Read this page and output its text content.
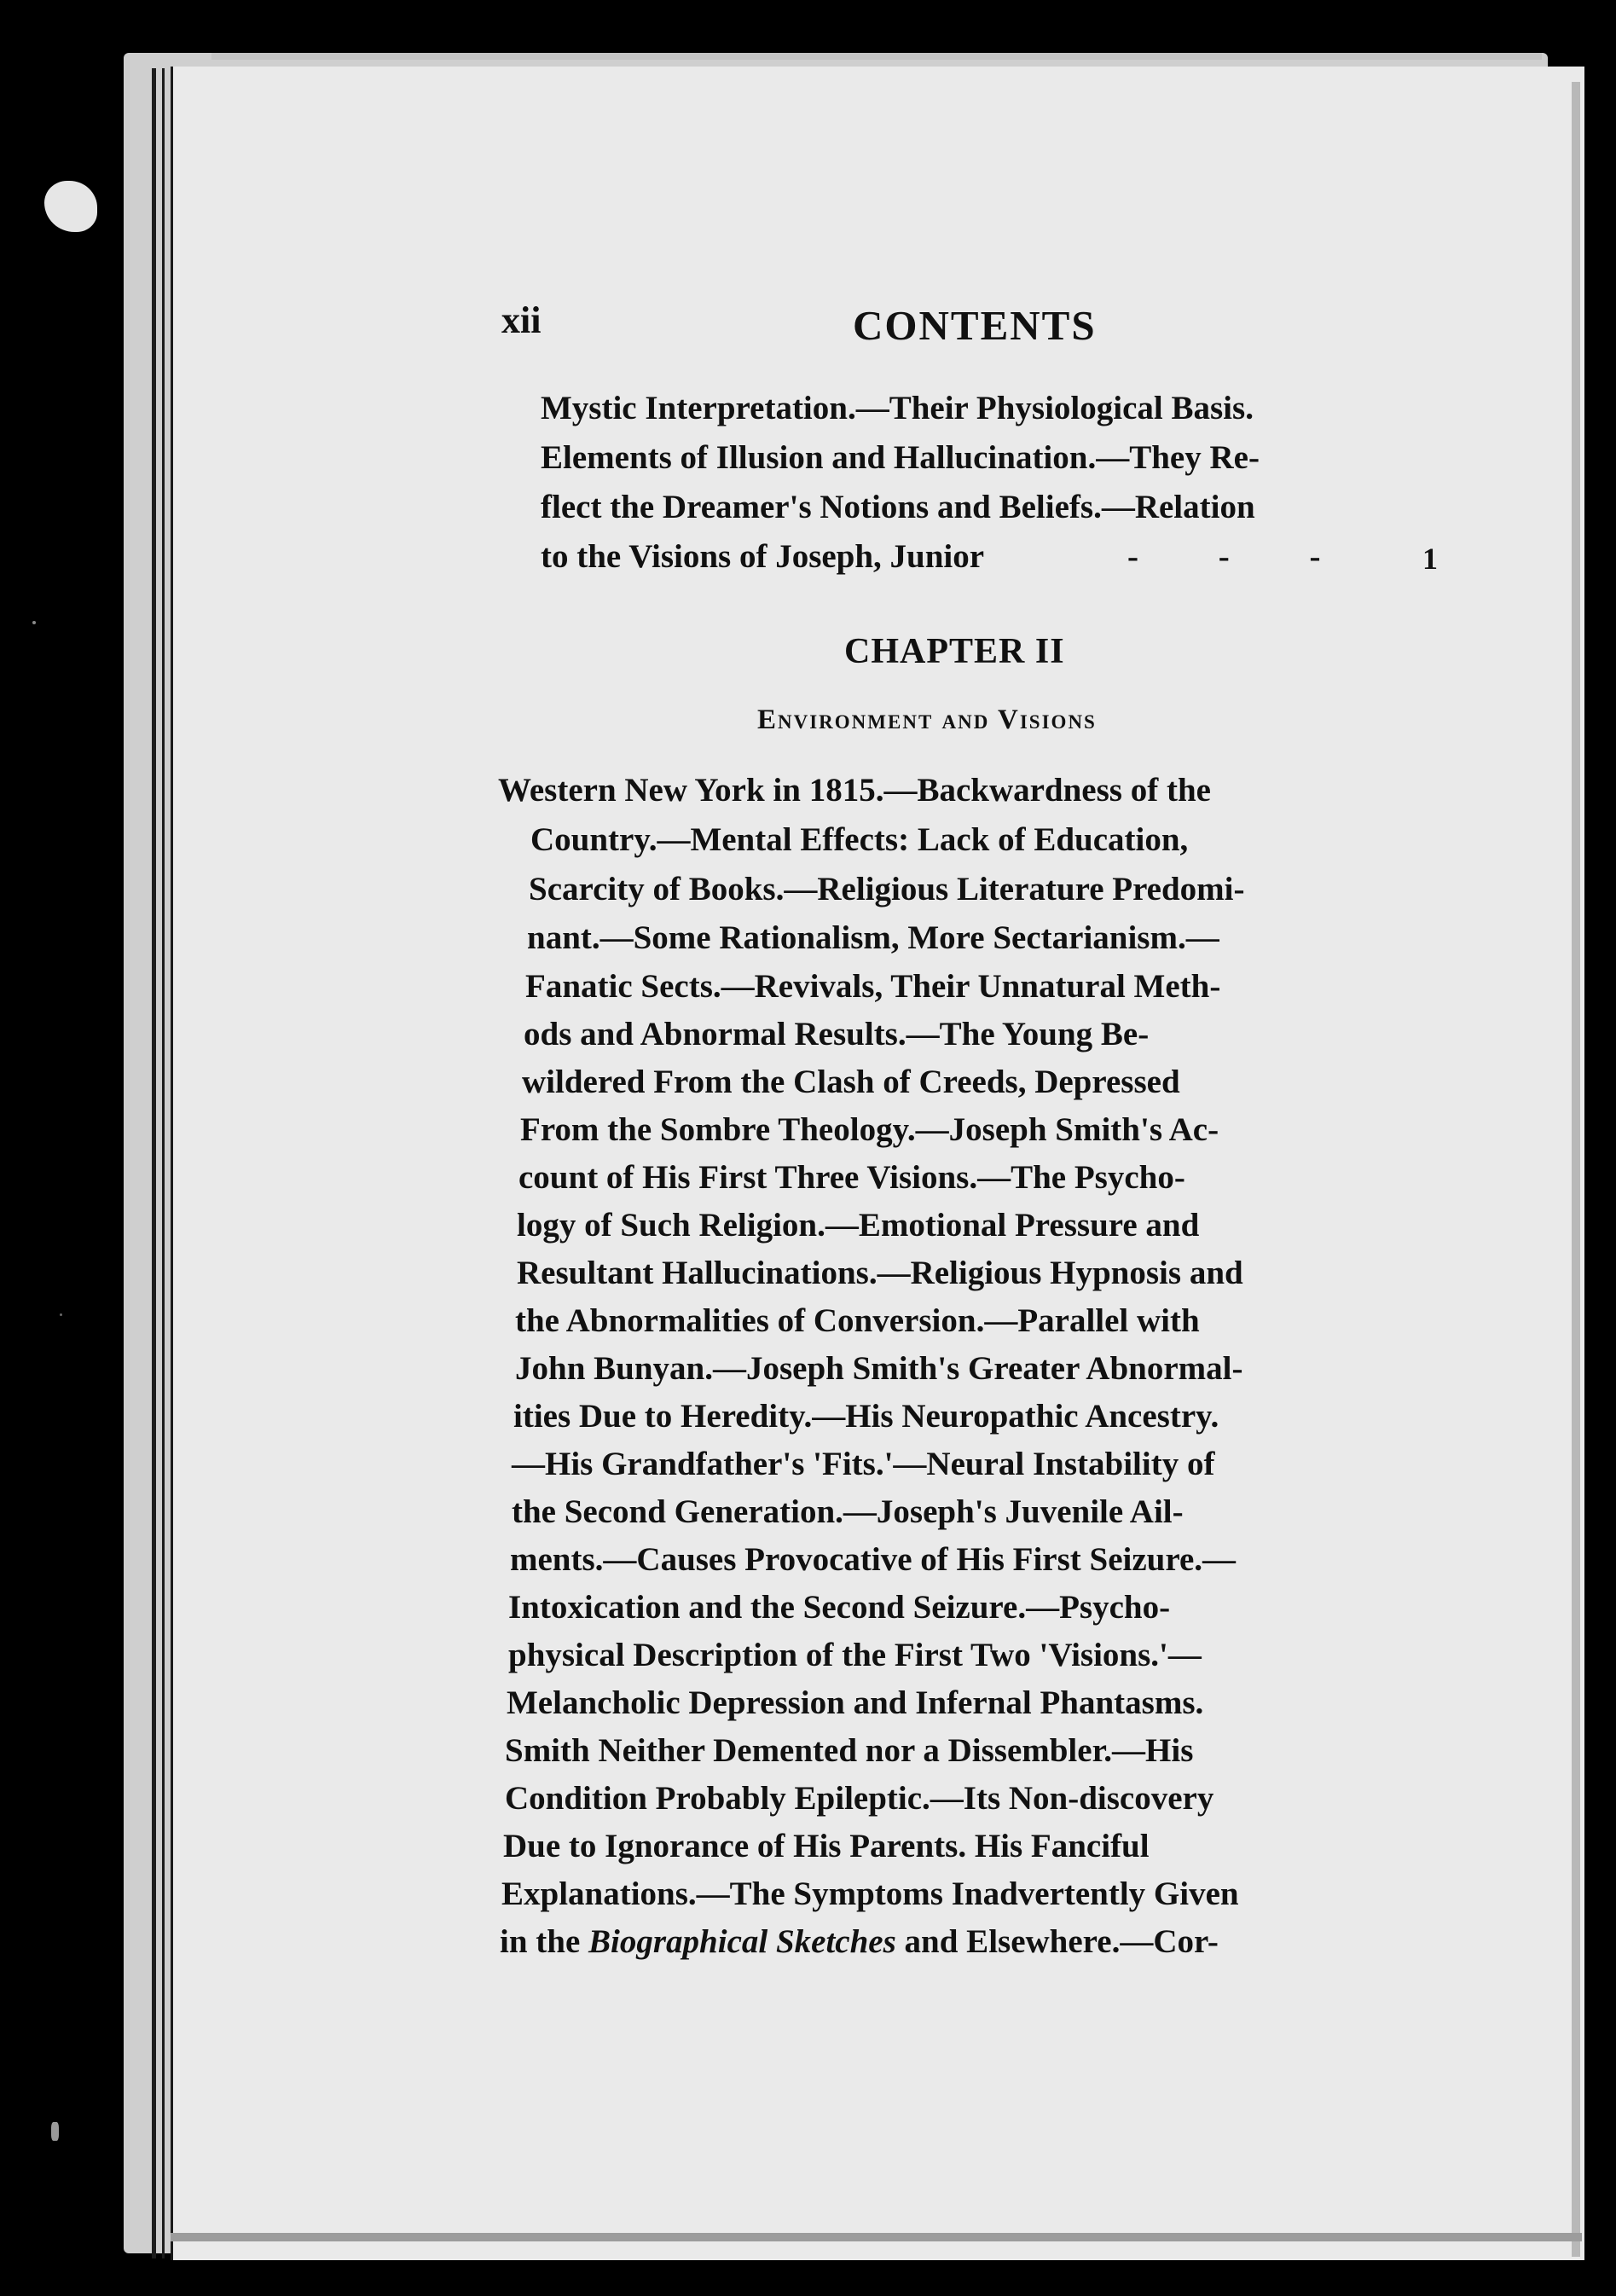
xii	CONTENTS
Mystic Interpretation.—Their Physiological Basis.
Elements of Illusion and Hallucination.—They Re-
flect the Dreamer's Notions and Beliefs.—Relation
to the Visions of Joseph, Junior	- - - 1
CHAPTER II
Environment and Visions
Western New York in 1815.—Backwardness of the
Country.—Mental Effects: Lack of Education,
Scarcity of Books.—Religious Literature Predomi-
nant.—Some Rationalism, More Sectarianism.—
Fanatic Sects.—Revivals, Their Unnatural Meth-
ods and Abnormal Results.—The Young Be-
wildered From the Clash of Creeds, Depressed
From the Sombre Theology.—Joseph Smith's Ac-
count of His First Three Visions.—The Psycho-
logy of Such Religion.—Emotional Pressure and
Resultant Hallucinations.—Religious Hypnosis and
the Abnormalities of Conversion.—Parallel with
John Bunyan.—Joseph Smith's Greater Abnormal-
ities Due to Heredity.—His Neuropathic Ancestry.
—His Grandfather's 'Fits.'—Neural Instability of
the Second Generation.—Joseph's Juvenile Ail-
ments.—Causes Provocative of His First Seizure.—
Intoxication and the Second Seizure.—Psycho-
physical Description of the First Two 'Visions.'—
Melancholic Depression and Infernal Phantasms.
Smith Neither Demented nor a Dissembler.—His
Condition Probably Epileptic.—Its Non-discovery
Due to Ignorance of His Parents. His Fanciful
Explanations.—The Symptoms Inadvertently Given
in the Biographical Sketches and Elsewhere.—Cor-
